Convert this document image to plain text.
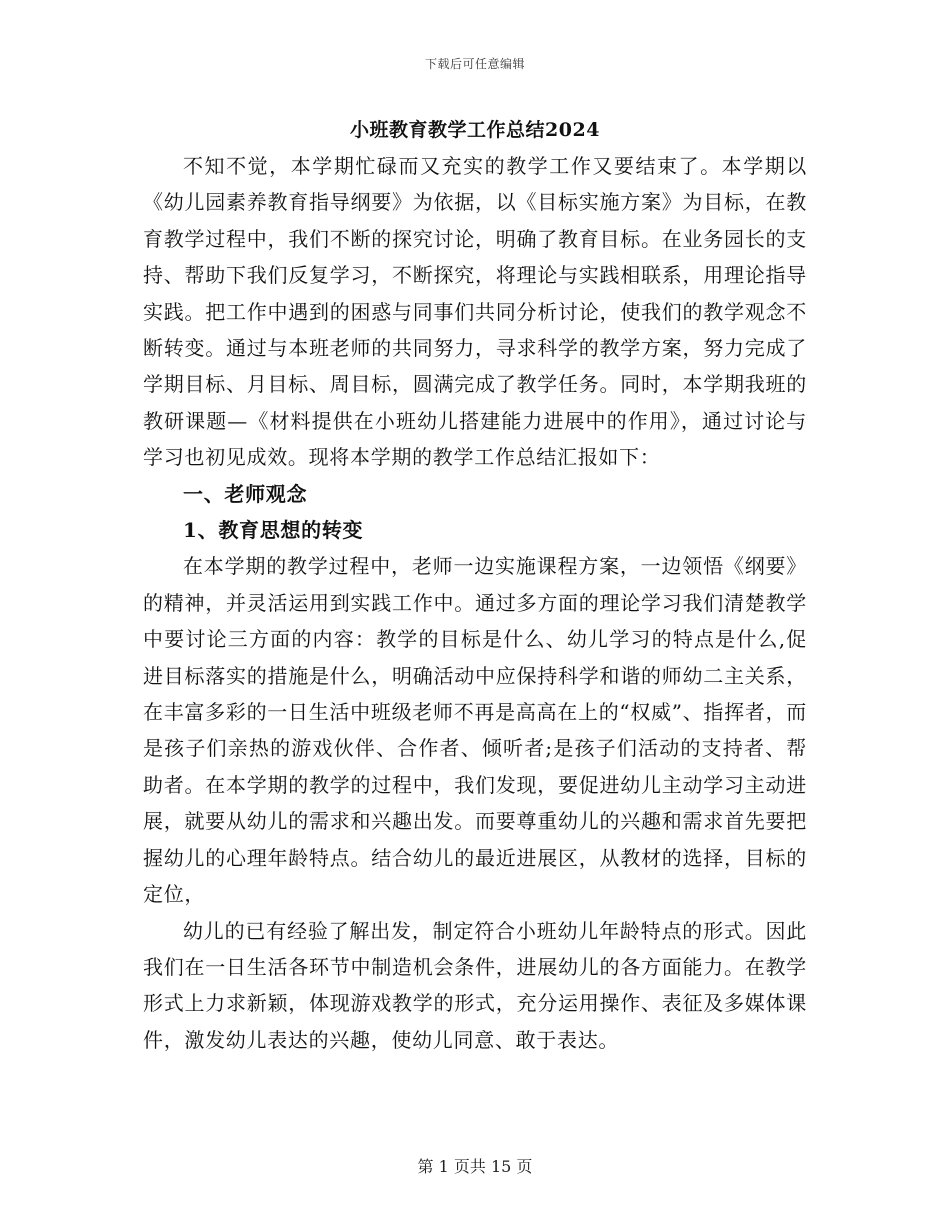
下载后可任意编辑
小班教育教学工作总结2024

不知不觉，本学期忙碌而又充实的教学工作又要结束了。本学期以《幼儿园素养教育指导纲要》为依据，以《目标实施方案》为目标，在教育教学过程中，我们不断的探究讨论，明确了教育目标。在业务园长的支持、帮助下我们反复学习，不断探究，将理论与实践相联系，用理论指导实践。把工作中遇到的困惑与同事们共同分析讨论，使我们的教学观念不断转变。通过与本班老师的共同努力，寻求科学的教学方案，努力完成了学期目标、月目标、周目标，圆满完成了教学任务。同时，本学期我班的教研课题—《材料提供在小班幼儿搭建能力进展中的作用》，通过讨论与学习也初见成效。现将本学期的教学工作总结汇报如下：

一、老师观念
1、教育思想的转变

在本学期的教学过程中，老师一边实施课程方案，一边领悟《纲要》的精神，并灵活运用到实践工作中。通过多方面的理论学习我们清楚教学中要讨论三方面的内容：教学的目标是什么、幼儿学习的特点是什么,促进目标落实的措施是什么，明确活动中应保持科学和谐的师幼二主关系，在丰富多彩的一日生活中班级老师不再是高高在上的“权威”、指挥者，而是孩子们亲热的游戏伙伴、合作者、倾听者;是孩子们活动的支持者、帮助者。在本学期的教学的过程中，我们发现，要促进幼儿主动学习主动进展，就要从幼儿的需求和兴趣出发。而要尊重幼儿的兴趣和需求首先要把握幼儿的心理年龄特点。结合幼儿的最近进展区，从教材的选择，目标的定位，

幼儿的已有经验了解出发，制定符合小班幼儿年龄特点的形式。因此我们在一日生活各环节中制造机会条件，进展幼儿的各方面能力。在教学形式上力求新颖，体现游戏教学的形式，充分运用操作、表征及多媒体课件，激发幼儿表达的兴趣，使幼儿同意、敢于表达。

第 1 页共 15 页
